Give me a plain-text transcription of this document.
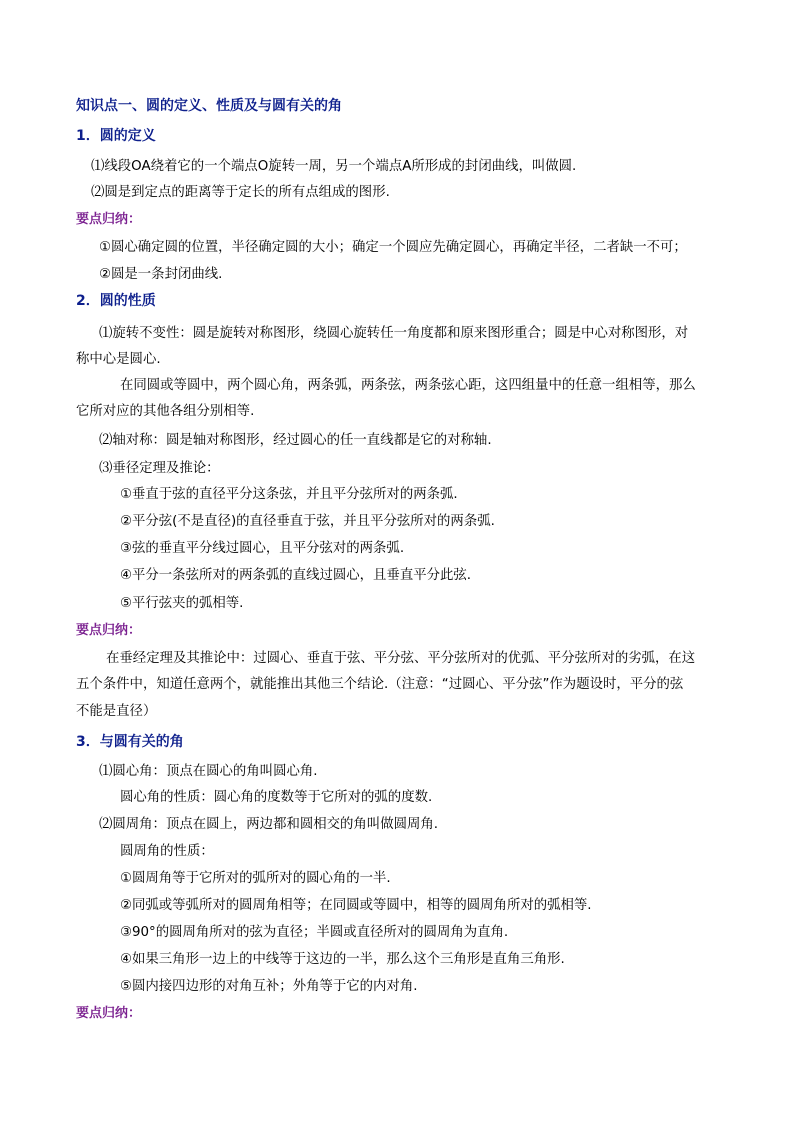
知识点一、圆的定义、性质及与圆有关的角
1．圆的定义
⑴线段OA绕着它的一个端点O旋转一周，另一个端点A所形成的封闭曲线，叫做圆.
⑵圆是到定点的距离等于定长的所有点组成的图形.
要点归纳：
①圆心确定圆的位置，半径确定圆的大小；确定一个圆应先确定圆心，再确定半径，二者缺一不可；
②圆是一条封闭曲线.
2．圆的性质
⑴旋转不变性：圆是旋转对称图形，绕圆心旋转任一角度都和原来图形重合；圆是中心对称图形，对
称中心是圆心.
在同圆或等圆中，两个圆心角，两条弧，两条弦，两条弦心距，这四组量中的任意一组相等，那么
它所对应的其他各组分别相等.
⑵轴对称：圆是轴对称图形，经过圆心的任一直线都是它的对称轴.
⑶垂径定理及推论：
①垂直于弦的直径平分这条弦，并且平分弦所对的两条弧.
②平分弦(不是直径)的直径垂直于弦，并且平分弦所对的两条弧.
③弦的垂直平分线过圆心，且平分弦对的两条弧.
④平分一条弦所对的两条弧的直线过圆心，且垂直平分此弦.
⑤平行弦夹的弧相等.
要点归纳：
在垂经定理及其推论中：过圆心、垂直于弦、平分弦、平分弦所对的优弧、平分弦所对的劣弧，在这
五个条件中，知道任意两个，就能推出其他三个结论.（注意：“过圆心、平分弦”作为题设时，平分的弦
不能是直径）
3．与圆有关的角
⑴圆心角：顶点在圆心的角叫圆心角.
圆心角的性质：圆心角的度数等于它所对的弧的度数.
⑵圆周角：顶点在圆上，两边都和圆相交的角叫做圆周角.
圆周角的性质：
①圆周角等于它所对的弧所对的圆心角的一半.
②同弧或等弧所对的圆周角相等；在同圆或等圆中，相等的圆周角所对的弧相等.
③90°的圆周角所对的弦为直径；半圆或直径所对的圆周角为直角.
④如果三角形一边上的中线等于这边的一半，那么这个三角形是直角三角形.
⑤圆内接四边形的对角互补；外角等于它的内对角.
要点归纳：
